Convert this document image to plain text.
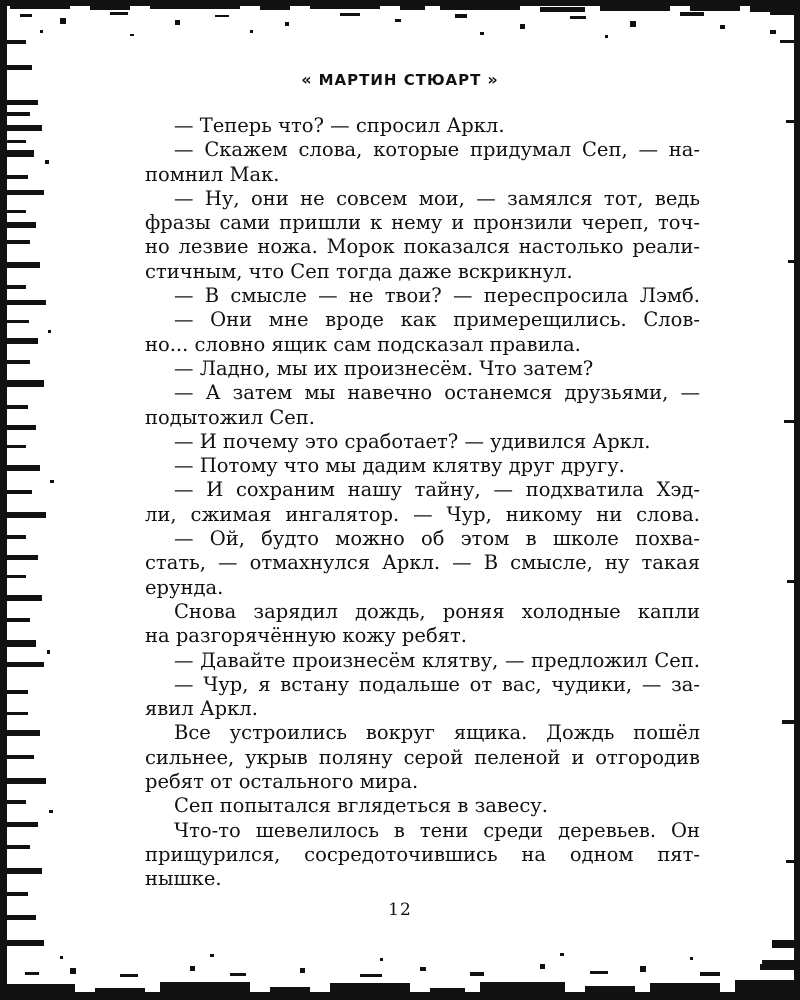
« МАРТИН СТЮАРТ »
— Теперь что? — спросил Аркл.
— Скажем слова, которые придумал Сеп, — на-
помнил Мак.
— Ну, они не совсем мои, — замялся тот, ведь
фразы сами пришли к нему и пронзили череп, точ-
но лезвие ножа. Морок показался настолько реали-
стичным, что Сеп тогда даже вскрикнул.
— В смысле — не твои? — переспросила Лэмб.
— Они мне вроде как примерещились. Слов-
но... словно ящик сам подсказал правила.
— Ладно, мы их произнесём. Что затем?
— А затем мы навечно останемся друзьями, —
подытожил Сеп.
— И почему это сработает? — удивился Аркл.
— Потому что мы дадим клятву друг другу.
— И сохраним нашу тайну, — подхватила Хэд-
ли, сжимая ингалятор. — Чур, никому ни слова.
— Ой, будто можно об этом в школе похва-
стать, — отмахнулся Аркл. — В смысле, ну такая
ерунда.
Снова зарядил дождь, роняя холодные капли
на разгорячённую кожу ребят.
— Давайте произнесём клятву, — предложил Сеп.
— Чур, я встану подальше от вас, чудики, — за-
явил Аркл.
Все устроились вокруг ящика. Дождь пошёл
сильнее, укрыв поляну серой пеленой и отгородив
ребят от остального мира.
Сеп попытался вглядеться в завесу.
Что-то шевелилось в тени среди деревьев. Он
прищурился, сосредоточившись на одном пят-
нышке.
12
